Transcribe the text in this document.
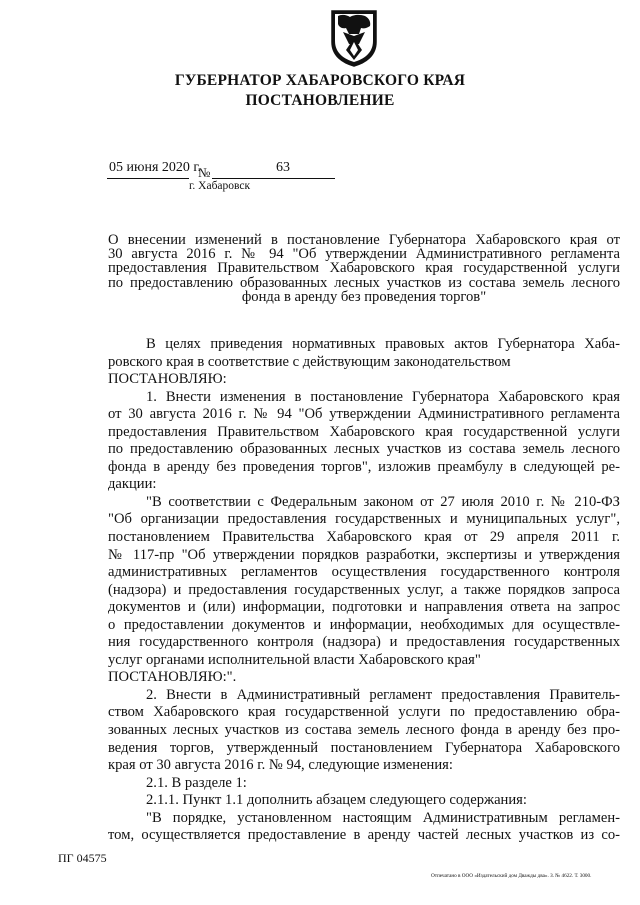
ГУБЕРНАТОР ХАБАРОВСКОГО КРАЯ
ПОСТАНОВЛЕНИЕ
05 июня 2020 г.
№	63
г. Хабаровск
О внесении изменений в постановление Губернатора Хабаровского края от
30 августа 2016 г. № 94 "Об утверждении Административного регламента
предоставления Правительством Хабаровского края государственной услуги
по предоставлению образованных лесных участков из состава земель лесного
фонда в аренду без проведения торгов"
В целях приведения нормативных правовых актов Губернатора Хаба-
ровского края в соответствие с действующим законодательством
ПОСТАНОВЛЯЮ:
1. Внести изменения в постановление Губернатора Хабаровского края
от 30 августа 2016 г. № 94 "Об утверждении Административного регламента
предоставления Правительством Хабаровского края государственной услуги
по предоставлению образованных лесных участков из состава земель лесного
фонда в аренду без проведения торгов", изложив преамбулу в следующей ре-
дакции:
"В соответствии с Федеральным законом от 27 июля 2010 г. № 210-ФЗ
"Об организации предоставления государственных и муниципальных услуг",
постановлением Правительства Хабаровского края от 29 апреля 2011 г.
№ 117-пр "Об утверждении порядков разработки, экспертизы и утверждения
административных регламентов осуществления государственного контроля
(надзора) и предоставления государственных услуг, а также порядков запроса
документов и (или) информации, подготовки и направления ответа на запрос
о предоставлении документов и информации, необходимых для осуществле-
ния государственного контроля (надзора) и предоставления государственных
услуг органами исполнительной власти Хабаровского края"
ПОСТАНОВЛЯЮ:".
2. Внести в Административный регламент предоставления Правитель-
ством Хабаровского края государственной услуги по предоставлению обра-
зованных лесных участков из состава земель лесного фонда в аренду без про-
ведения торгов, утвержденный постановлением Губернатора Хабаровского
края от 30 августа 2016 г. № 94, следующие изменения:
2.1. В разделе 1:
2.1.1. Пункт 1.1 дополнить абзацем следующего содержания:
"В порядке, установленном настоящим Административным регламен-
том, осуществляется предоставление в аренду частей лесных участков из со-
ПГ 04575
Отпечатано в ООО «Издательский дом Дважды два». З. № 4622. Т. 3000.
